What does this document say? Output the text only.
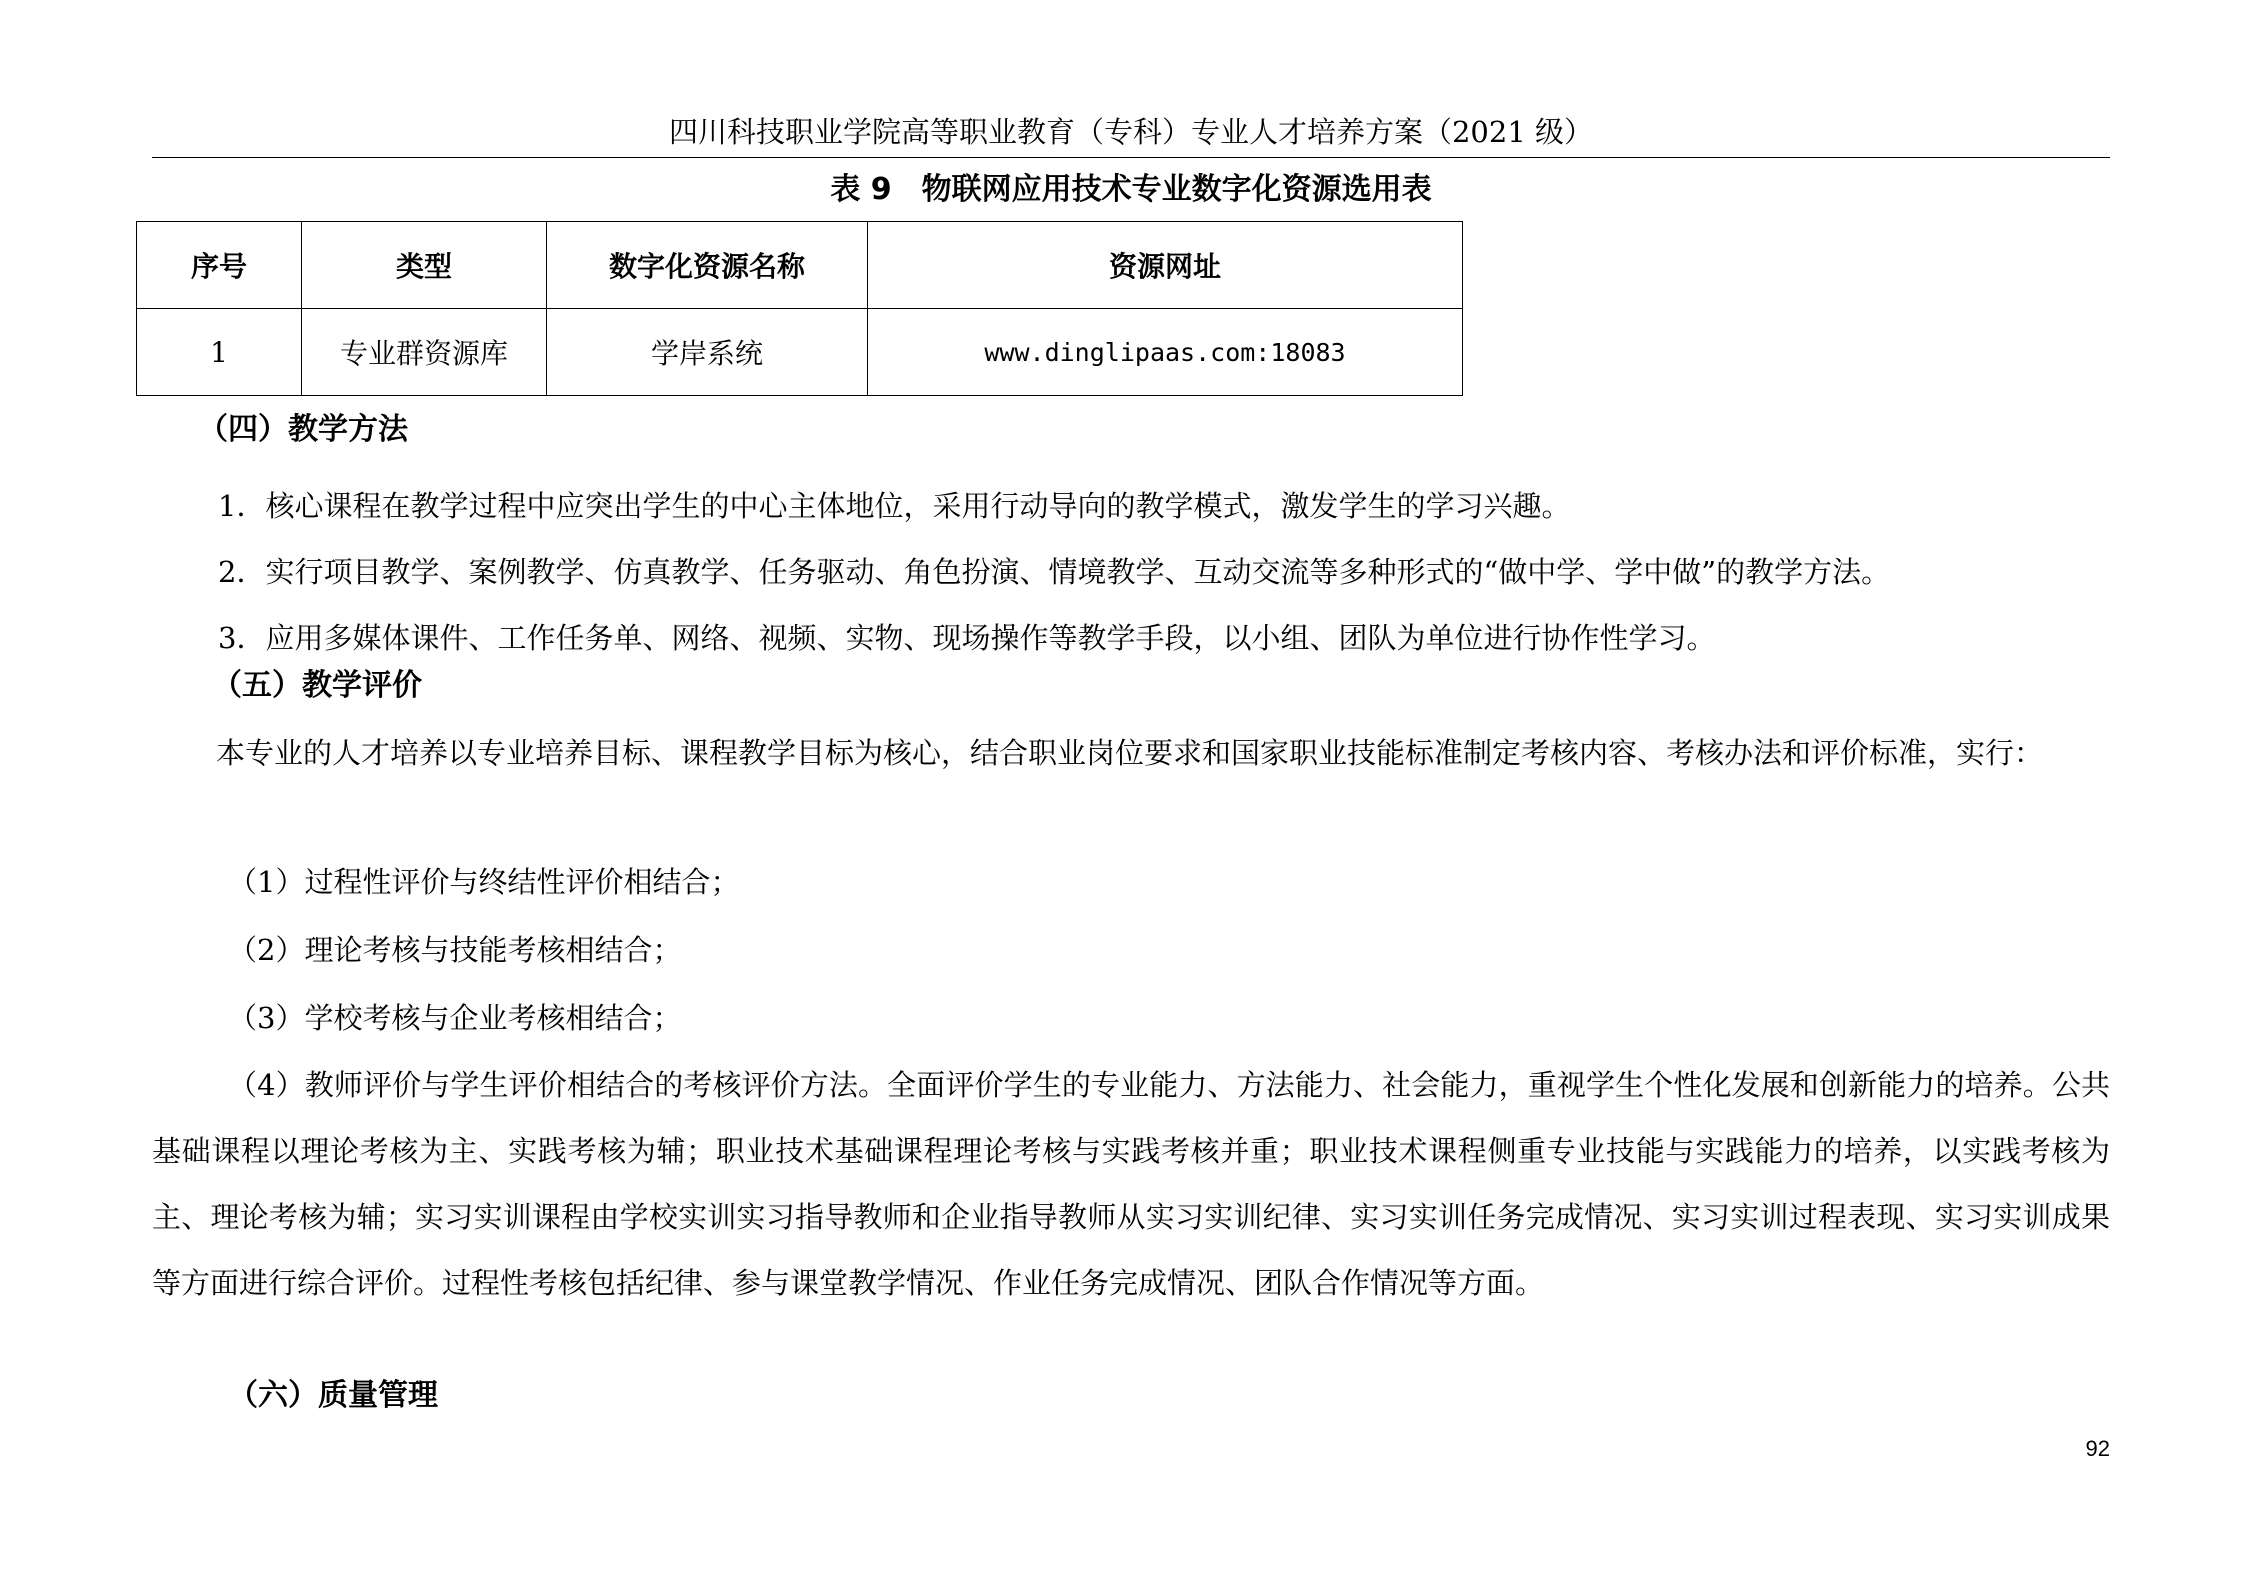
四川科技职业学院高等职业教育（专科）专业人才培养方案（2021 级）
表 9　物联网应用技术专业数字化资源选用表
序号	类型	数字化资源名称	资源网址
1	专业群资源库	学岸系统	www.dinglipaas.com:18083
（四）教学方法
1．核心课程在教学过程中应突出学生的中心主体地位，采用行动导向的教学模式，激发学生的学习兴趣。
2．实行项目教学、案例教学、仿真教学、任务驱动、角色扮演、情境教学、互动交流等多种形式的“做中学、学中做”的教学方法。
3．应用多媒体课件、工作任务单、网络、视频、实物、现场操作等教学手段，以小组、团队为单位进行协作性学习。
（五）教学评价
本专业的人才培养以专业培养目标、课程教学目标为核心，结合职业岗位要求和国家职业技能标准制定考核内容、考核办法和评价标准，实行：
（1）过程性评价与终结性评价相结合；
（2）理论考核与技能考核相结合；
（3）学校考核与企业考核相结合；
（4）教师评价与学生评价相结合的考核评价方法。全面评价学生的专业能力、方法能力、社会能力，重视学生个性化发展和创新能力的培养。公共基础课程以理论考核为主、实践考核为辅；职业技术基础课程理论考核与实践考核并重；职业技术课程侧重专业技能与实践能力的培养，以实践考核为主、理论考核为辅；实习实训课程由学校实训实习指导教师和企业指导教师从实习实训纪律、实习实训任务完成情况、实习实训过程表现、实习实训成果等方面进行综合评价。过程性考核包括纪律、参与课堂教学情况、作业任务完成情况、团队合作情况等方面。
（六）质量管理
92
